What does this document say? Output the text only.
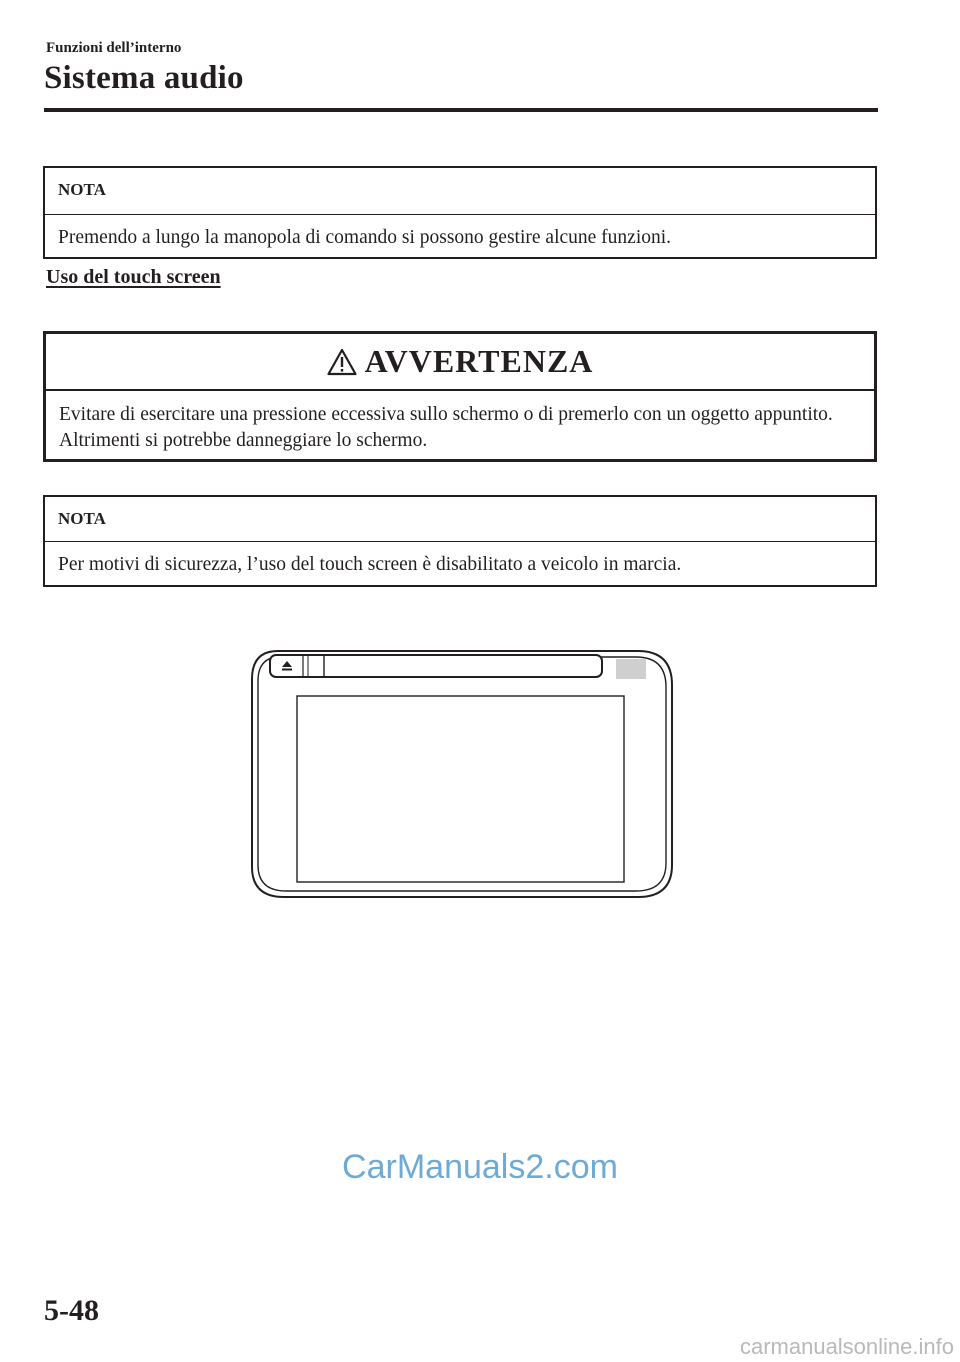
Funzioni dell’interno
Sistema audio
NOTA
Premendo a lungo la manopola di comando si possono gestire alcune funzioni.
Uso del touch screen
AVVERTENZA
Evitare di esercitare una pressione eccessiva sullo schermo o di premerlo con un oggetto appuntito. Altrimenti si potrebbe danneggiare lo schermo.
NOTA
Per motivi di sicurezza, l’uso del touch screen è disabilitato a veicolo in marcia.
CarManuals2.com
5-48
carmanualsonline.info
